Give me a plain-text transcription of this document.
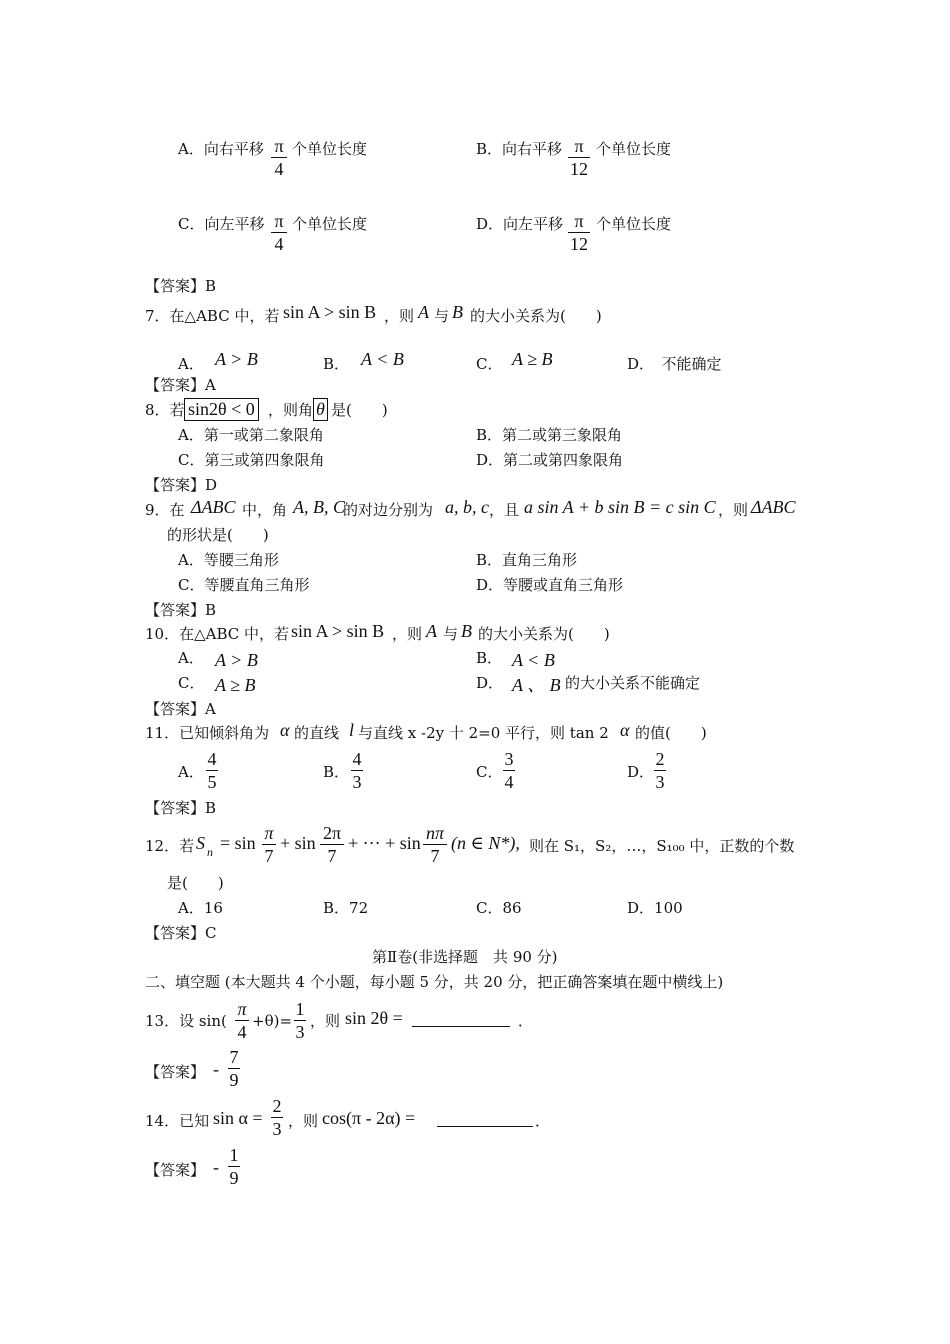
A．向右平移 π
4
个单位长度	B．向右平移 π
12
个单位长度
C．向左平移 π
4
个单位长度	D．向左平移 π
12
个单位长度
【答案】B
7．在△ABC 中，若 sin A > sin B ，则 A 与 B 的大小关系为(　　)
A． A > B	B． A < B	C． A ≥ B	D．　不能确定
【答案】A
8．若 sin2θ < 0 ，则角 θ 是(　　)
A．第一或第二象限角	B．第二或第三象限角
C．第三或第四象限角	D．第二或第四象限角
【答案】D
9．在 ΔABC 中，角 A, B, C
的对边分别为 a, b, c ，且 a sin A + b sin B = c sin C ，则 ΔABC
的形状是(　　)
A．等腰三角形	B．直角三角形
C．等腰直角三角形	D．等腰或直角三角形
【答案】B
10．在△ABC 中，若 sin A > sin B ，则 A 与 B 的大小关系为(　　)
A． A > B	B． A < B
C． A ≥ B	D． A 、 B 的大小关系不能确定
【答案】A
11．已知倾斜角为 α 的直线 l 与直线 x -2y 十 2=0 平行，则 tan 2 α 的值(　　)
A．
4
5	B．
4
3	C．
3
4	D．
2
3
【答案】B
12．若 S n = sin π
7
+ sin 2π
7
+ ··· + sin nπ
7
(n ∈ N*), 则在 S₁，S₂，…，S₁₀₀ 中，正数的个数
是(　　)
A．16	B．72	C．86	D．100
【答案】C
第Ⅱ卷(非选择题　共 90 分)
二、填空题 (本大题共 4 个小题，每小题 5 分，共 20 分，把正确答案填在题中横线上)
13．设 sin(
π
4
+θ)=
1
3
，则 sin 2θ =	．
【答案】 -
7
9
14．已知 sin α =
2
3 ，则 cos(π - 2α) =	．
【答案】 -
1
9
